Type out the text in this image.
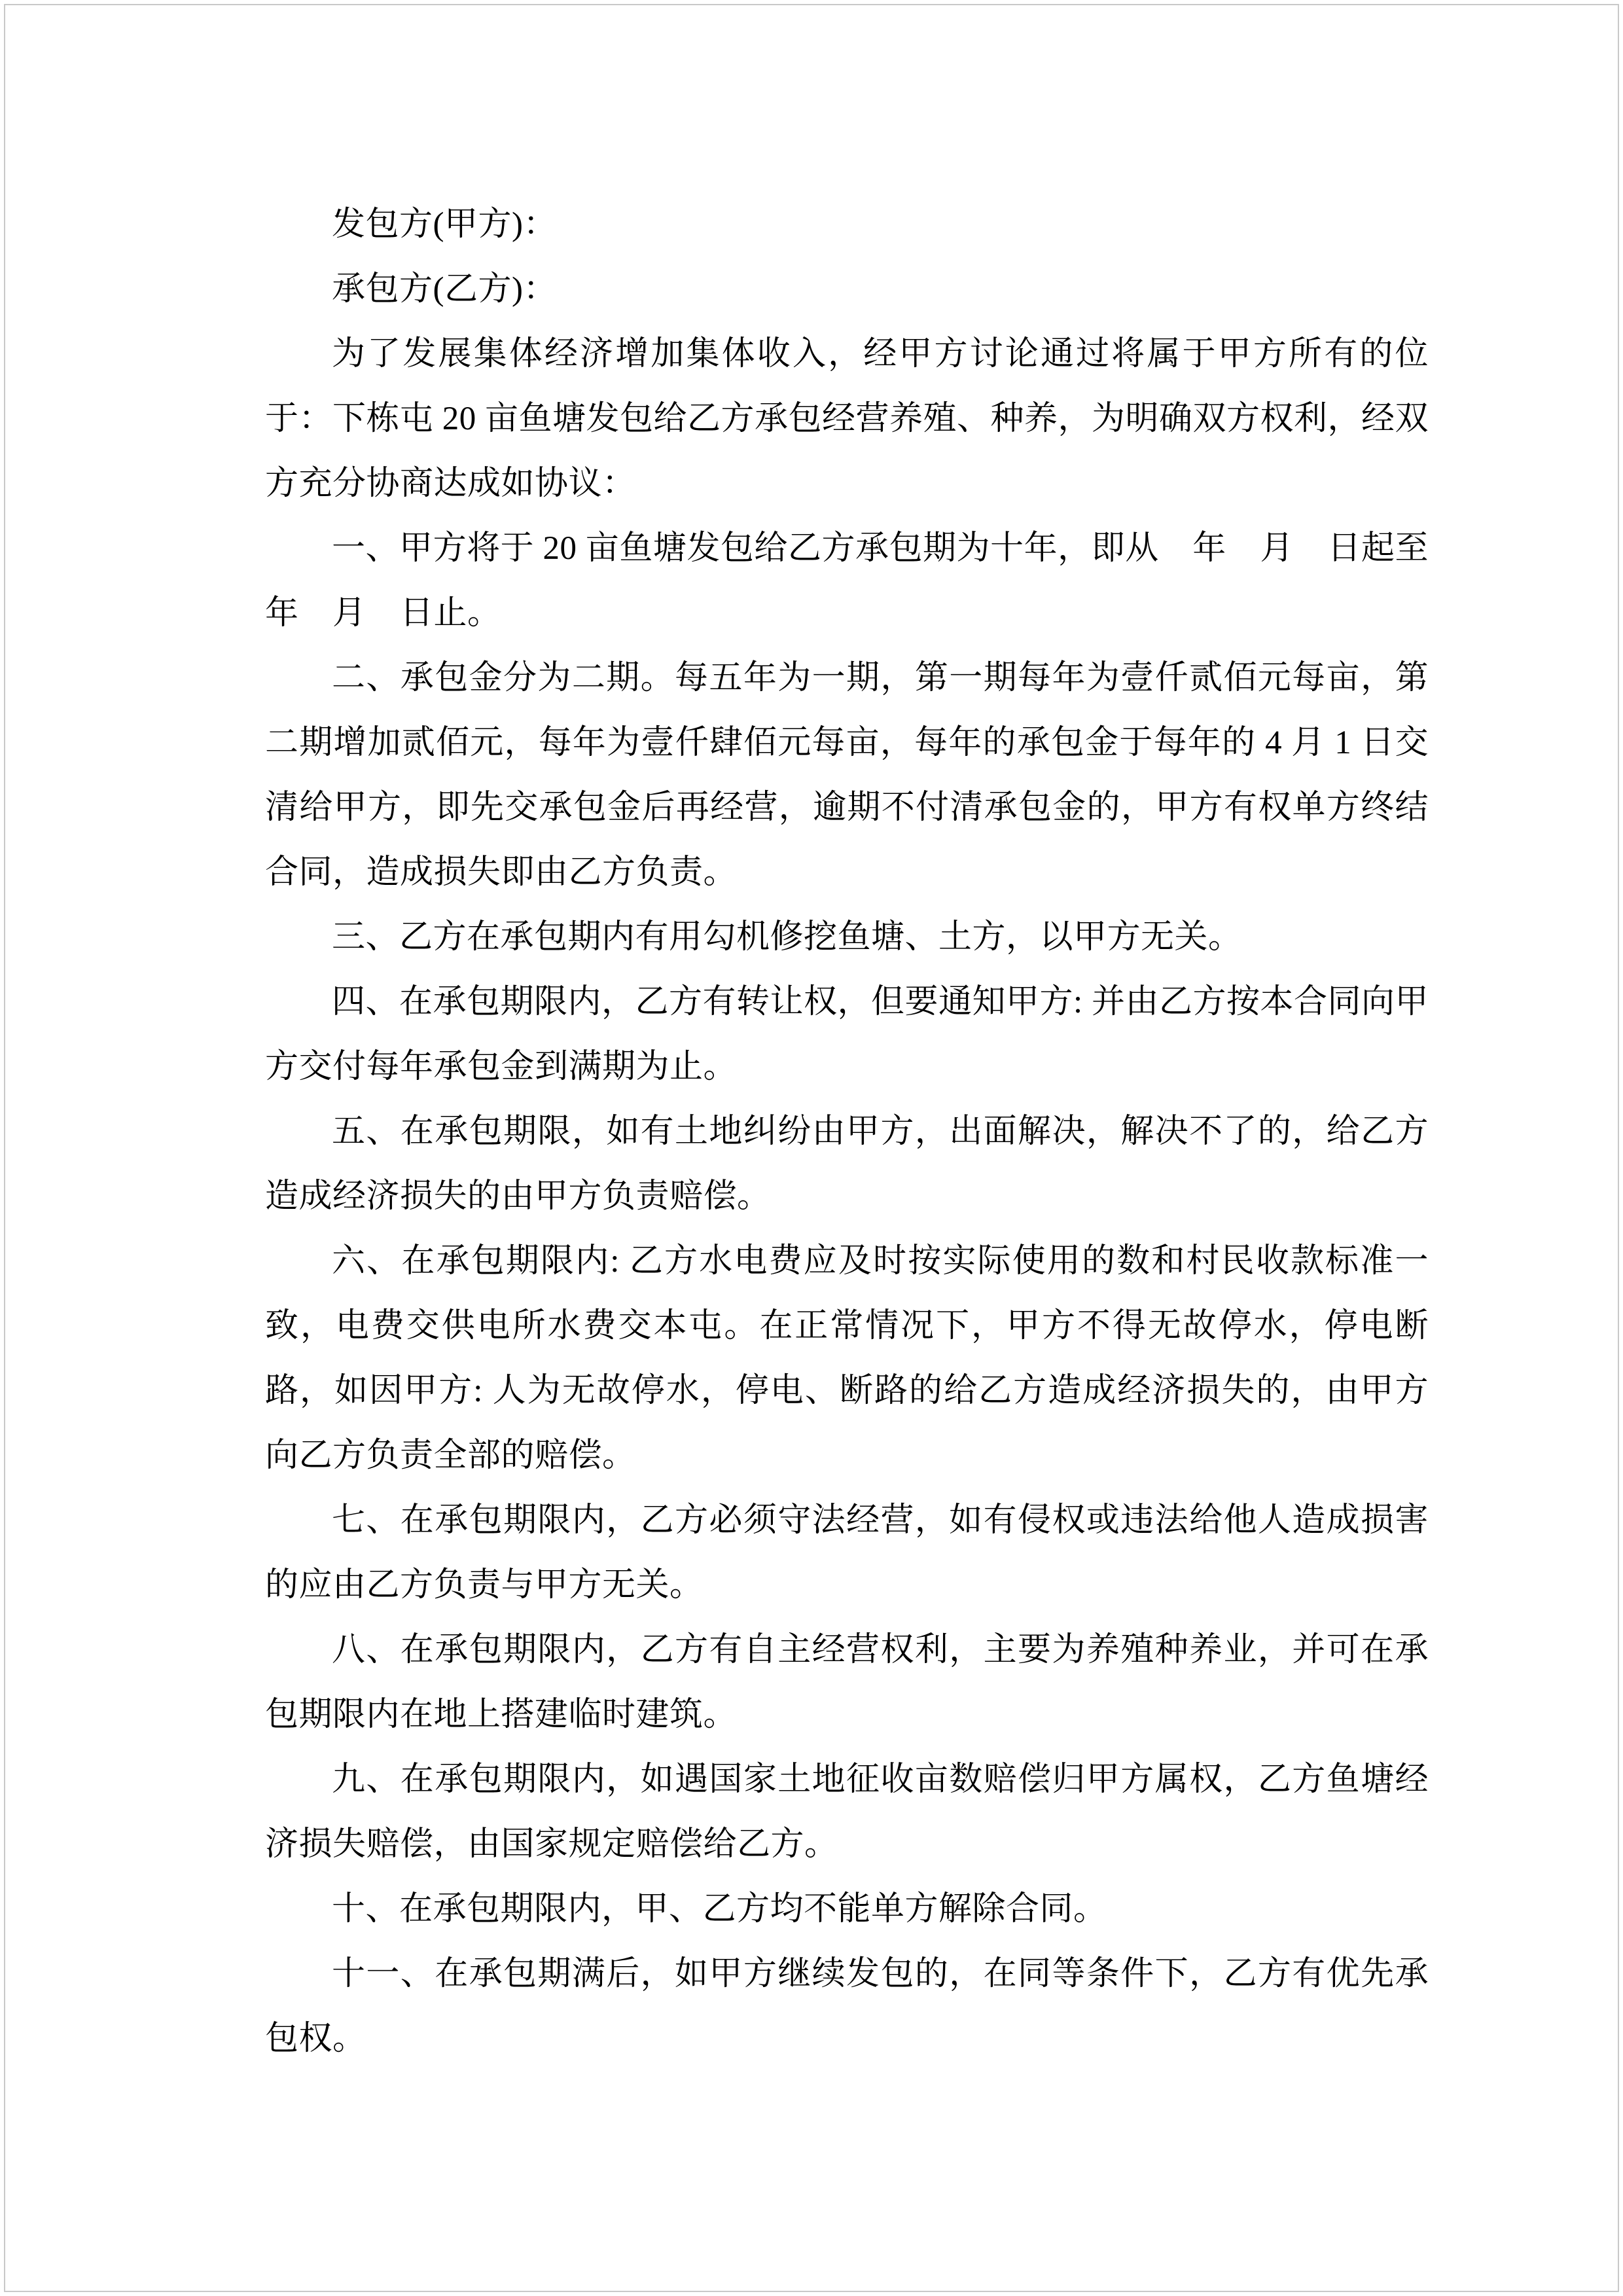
发包方(甲方)：

承包方(乙方)：

为了发展集体经济增加集体收入，经甲方讨论通过将属于甲方所有的位于：下栋屯 20 亩鱼塘发包给乙方承包经营养殖、种养，为明确双方权利，经双方充分协商达成如协议：

一、甲方将于 20 亩鱼塘发包给乙方承包期为十年，即从　年　月　日起至　年　月　日止。

二、承包金分为二期。每五年为一期，第一期每年为壹仟贰佰元每亩，第二期增加贰佰元，每年为壹仟肆佰元每亩，每年的承包金于每年的 4 月 1 日交清给甲方，即先交承包金后再经营，逾期不付清承包金的，甲方有权单方终结合同，造成损失即由乙方负责。

三、乙方在承包期内有用勾机修挖鱼塘、土方，以甲方无关。

四、在承包期限内，乙方有转让权，但要通知甲方: 并由乙方按本合同向甲方交付每年承包金到满期为止。

五、在承包期限，如有土地纠纷由甲方，出面解决，解决不了的，给乙方造成经济损失的由甲方负责赔偿。

六、在承包期限内: 乙方水电费应及时按实际使用的数和村民收款标准一致，电费交供电所水费交本屯。在正常情况下，甲方不得无故停水，停电断路，如因甲方: 人为无故停水，停电、断路的给乙方造成经济损失的，由甲方向乙方负责全部的赔偿。

七、在承包期限内，乙方必须守法经营，如有侵权或违法给他人造成损害的应由乙方负责与甲方无关。

八、在承包期限内，乙方有自主经营权利，主要为养殖种养业，并可在承包期限内在地上搭建临时建筑。

九、在承包期限内，如遇国家土地征收亩数赔偿归甲方属权，乙方鱼塘经济损失赔偿，由国家规定赔偿给乙方。

十、在承包期限内，甲、乙方均不能单方解除合同。

十一、在承包期满后，如甲方继续发包的，在同等条件下，乙方有优先承包权。
